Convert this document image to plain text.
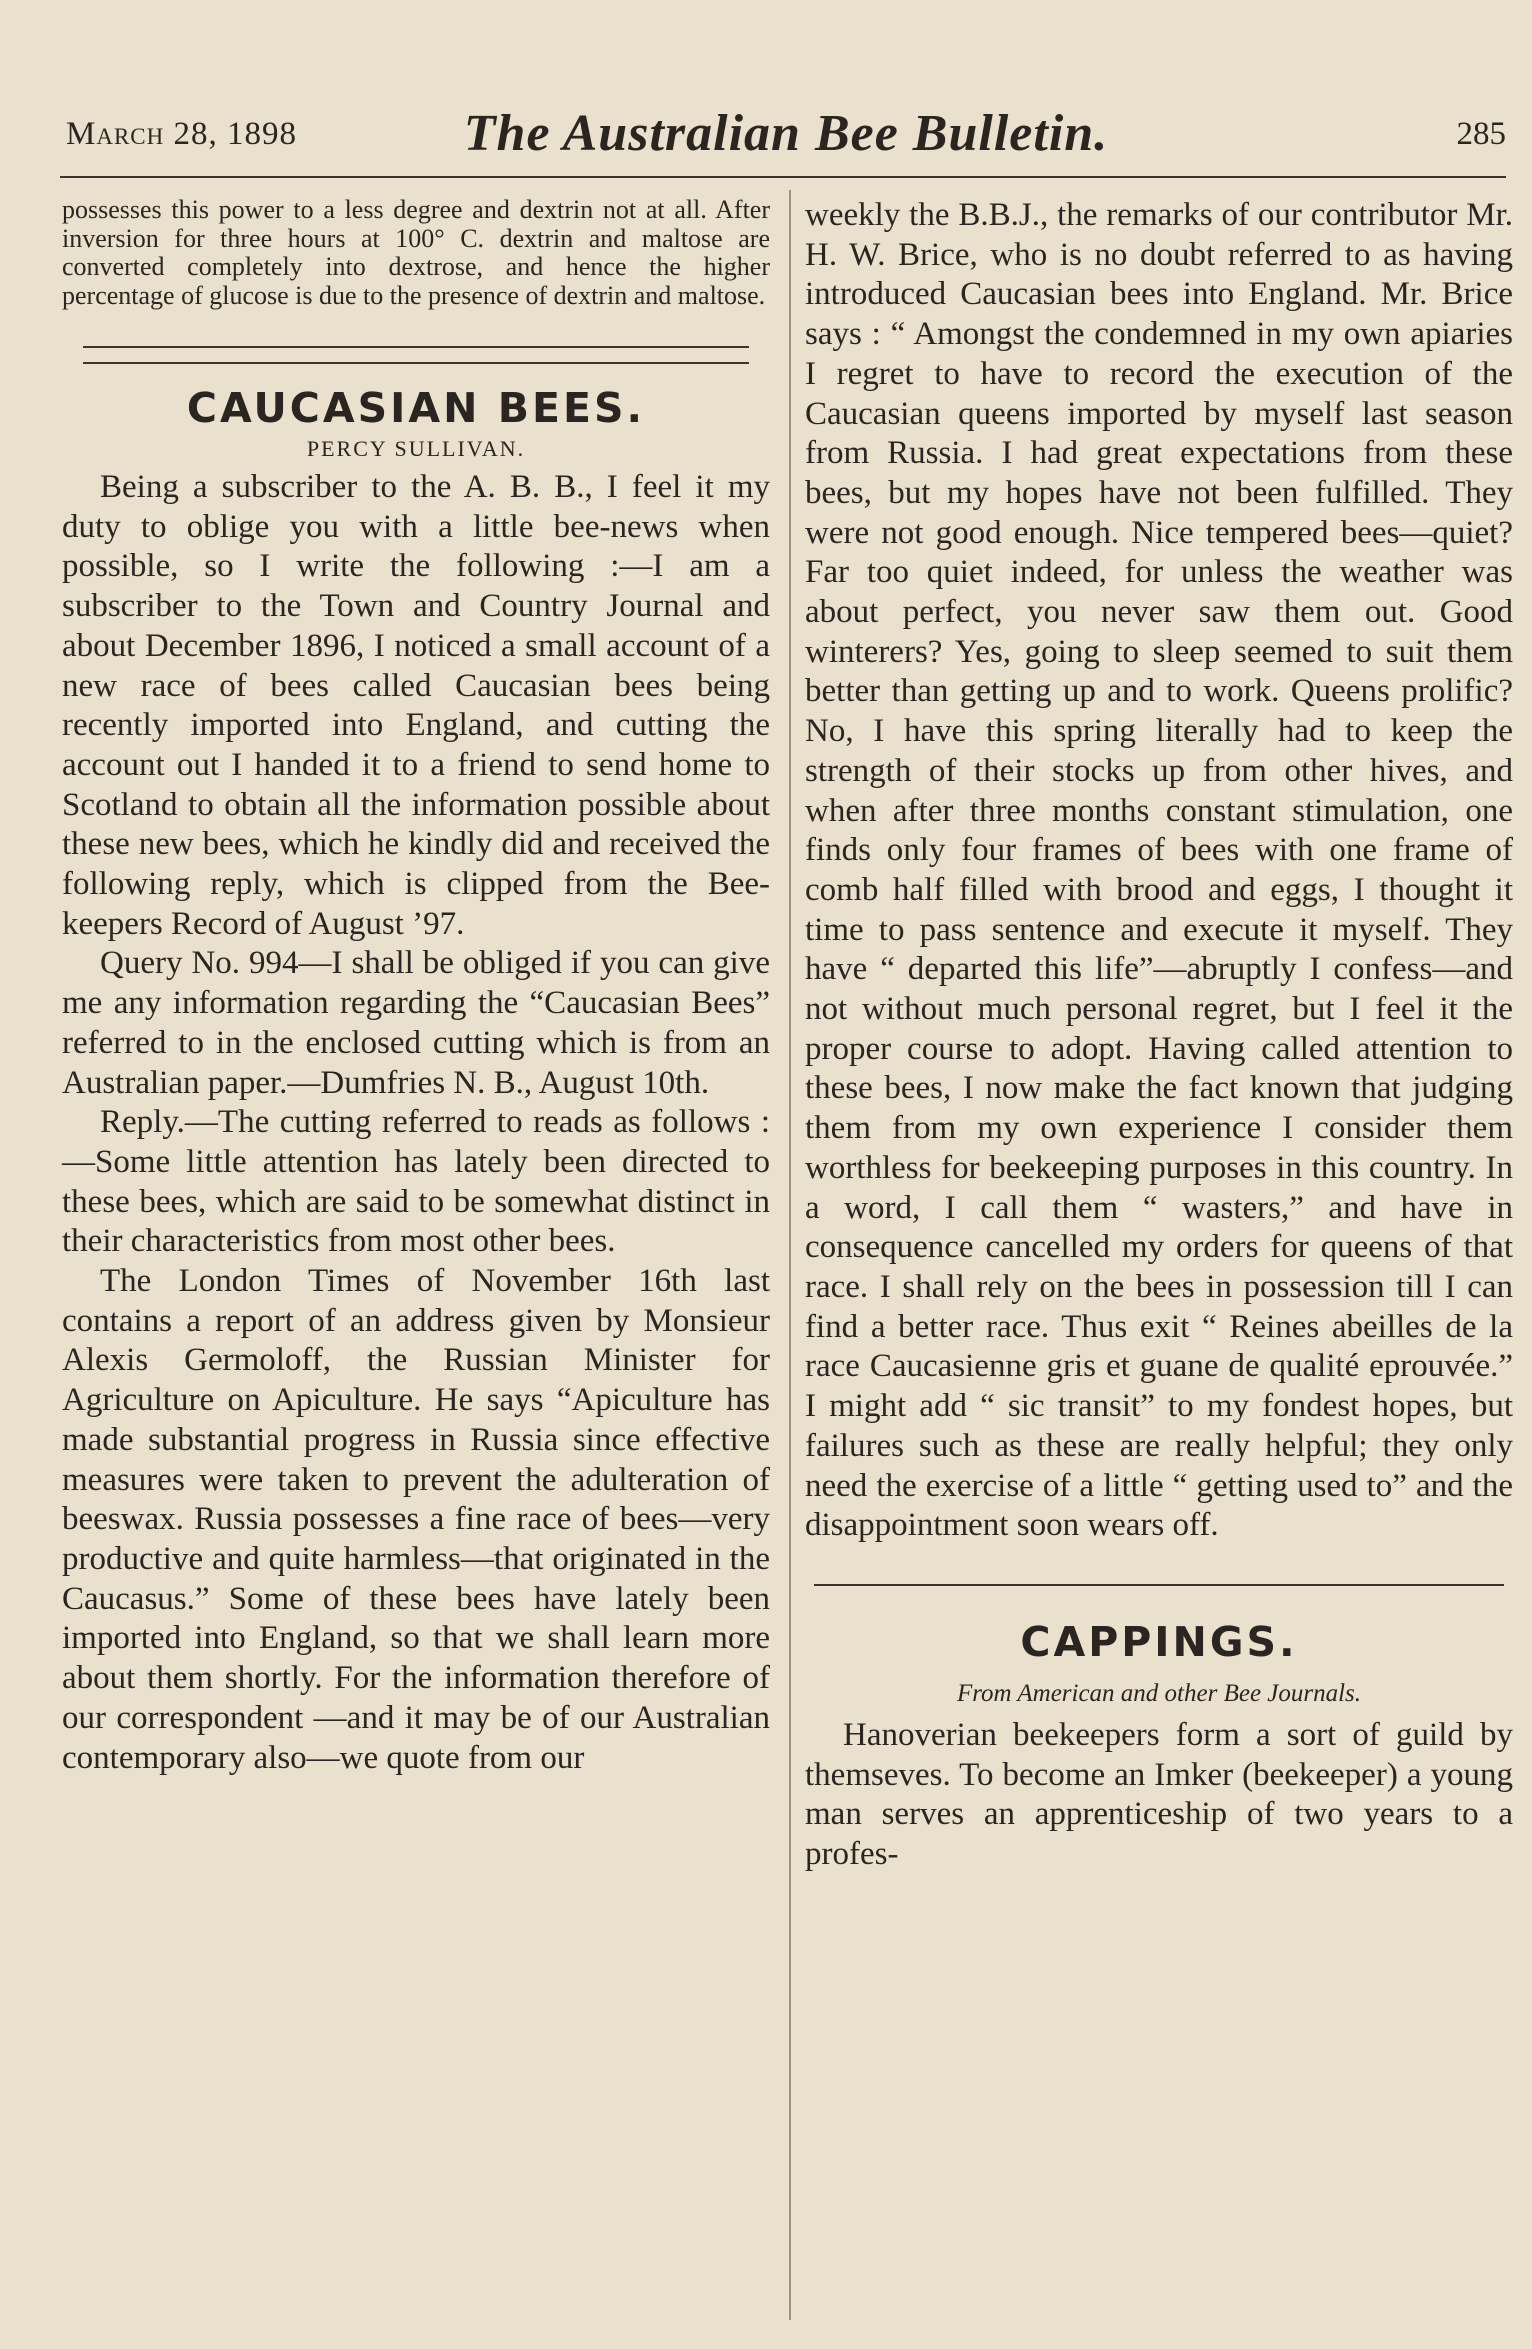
March 28, 1898	The Australian Bee Bulletin.	285

possesses this power to a less degree and dextrin not at all. After inversion for three hours at 100° C. dextrin and maltose are converted completely into dextrose, and hence the higher percentage of glucose is due to the presence of dextrin and maltose.

CAUCASIAN BEES.

PERCY SULLIVAN.

Being a subscriber to the A. B. B., I feel it my duty to oblige you with a little bee-news when possible, so I write the following :—I am a subscriber to the Town and Country Journal and about December 1896, I noticed a small account of a new race of bees called Caucasian bees being recently imported into England, and cutting the account out I handed it to a friend to send home to Scotland to obtain all the information possible about these new bees, which he kindly did and received the following reply, which is clipped from the Bee-keepers Record of August ’97.

Query No. 994—I shall be obliged if you can give me any information regarding the “Caucasian Bees” referred to in the enclosed cutting which is from an Australian paper.—Dumfries N. B., August 10th.

Reply.—The cutting referred to reads as follows :—Some little attention has lately been directed to these bees, which are said to be somewhat distinct in their characteristics from most other bees.

The London Times of November 16th last contains a report of an address given by Monsieur Alexis Germoloff, the Russian Minister for Agriculture on Apiculture. He says “Apiculture has made substantial progress in Russia since effective measures were taken to prevent the adulteration of beeswax. Russia possesses a fine race of bees—very productive and quite harmless—that originated in the Caucasus.” Some of these bees have lately been imported into England, so that we shall learn more about them shortly. For the information therefore of our correspondent —and it may be of our Australian contemporary also—we quote from our

weekly the B.B.J., the remarks of our contributor Mr. H. W. Brice, who is no doubt referred to as having introduced Caucasian bees into England. Mr. Brice says : “ Amongst the condemned in my own apiaries I regret to have to record the execution of the Caucasian queens imported by myself last season from Russia. I had great expectations from these bees, but my hopes have not been fulfilled. They were not good enough. Nice tempered bees—quiet? Far too quiet indeed, for unless the weather was about perfect, you never saw them out. Good winterers? Yes, going to sleep seemed to suit them better than getting up and to work. Queens prolific? No, I have this spring literally had to keep the strength of their stocks up from other hives, and when after three months constant stimulation, one finds only four frames of bees with one frame of comb half filled with brood and eggs, I thought it time to pass sentence and execute it myself. They have “ departed this life”—abruptly I confess—and not without much personal regret, but I feel it the proper course to adopt. Having called attention to these bees, I now make the fact known that judging them from my own experience I consider them worthless for beekeeping purposes in this country. In a word, I call them “ wasters,” and have in consequence cancelled my orders for queens of that race. I shall rely on the bees in possession till I can find a better race. Thus exit “ Reines abeilles de la race Caucasienne gris et guane de qualité eprouvée.” I might add “ sic transit” to my fondest hopes, but failures such as these are really helpful; they only need the exercise of a little “ getting used to” and the disappointment soon wears off.

CAPPINGS.

From American and other Bee Journals.

Hanoverian beekeepers form a sort of guild by themseves. To become an Imker (beekeeper) a young man serves an apprenticeship of two years to a profes-
